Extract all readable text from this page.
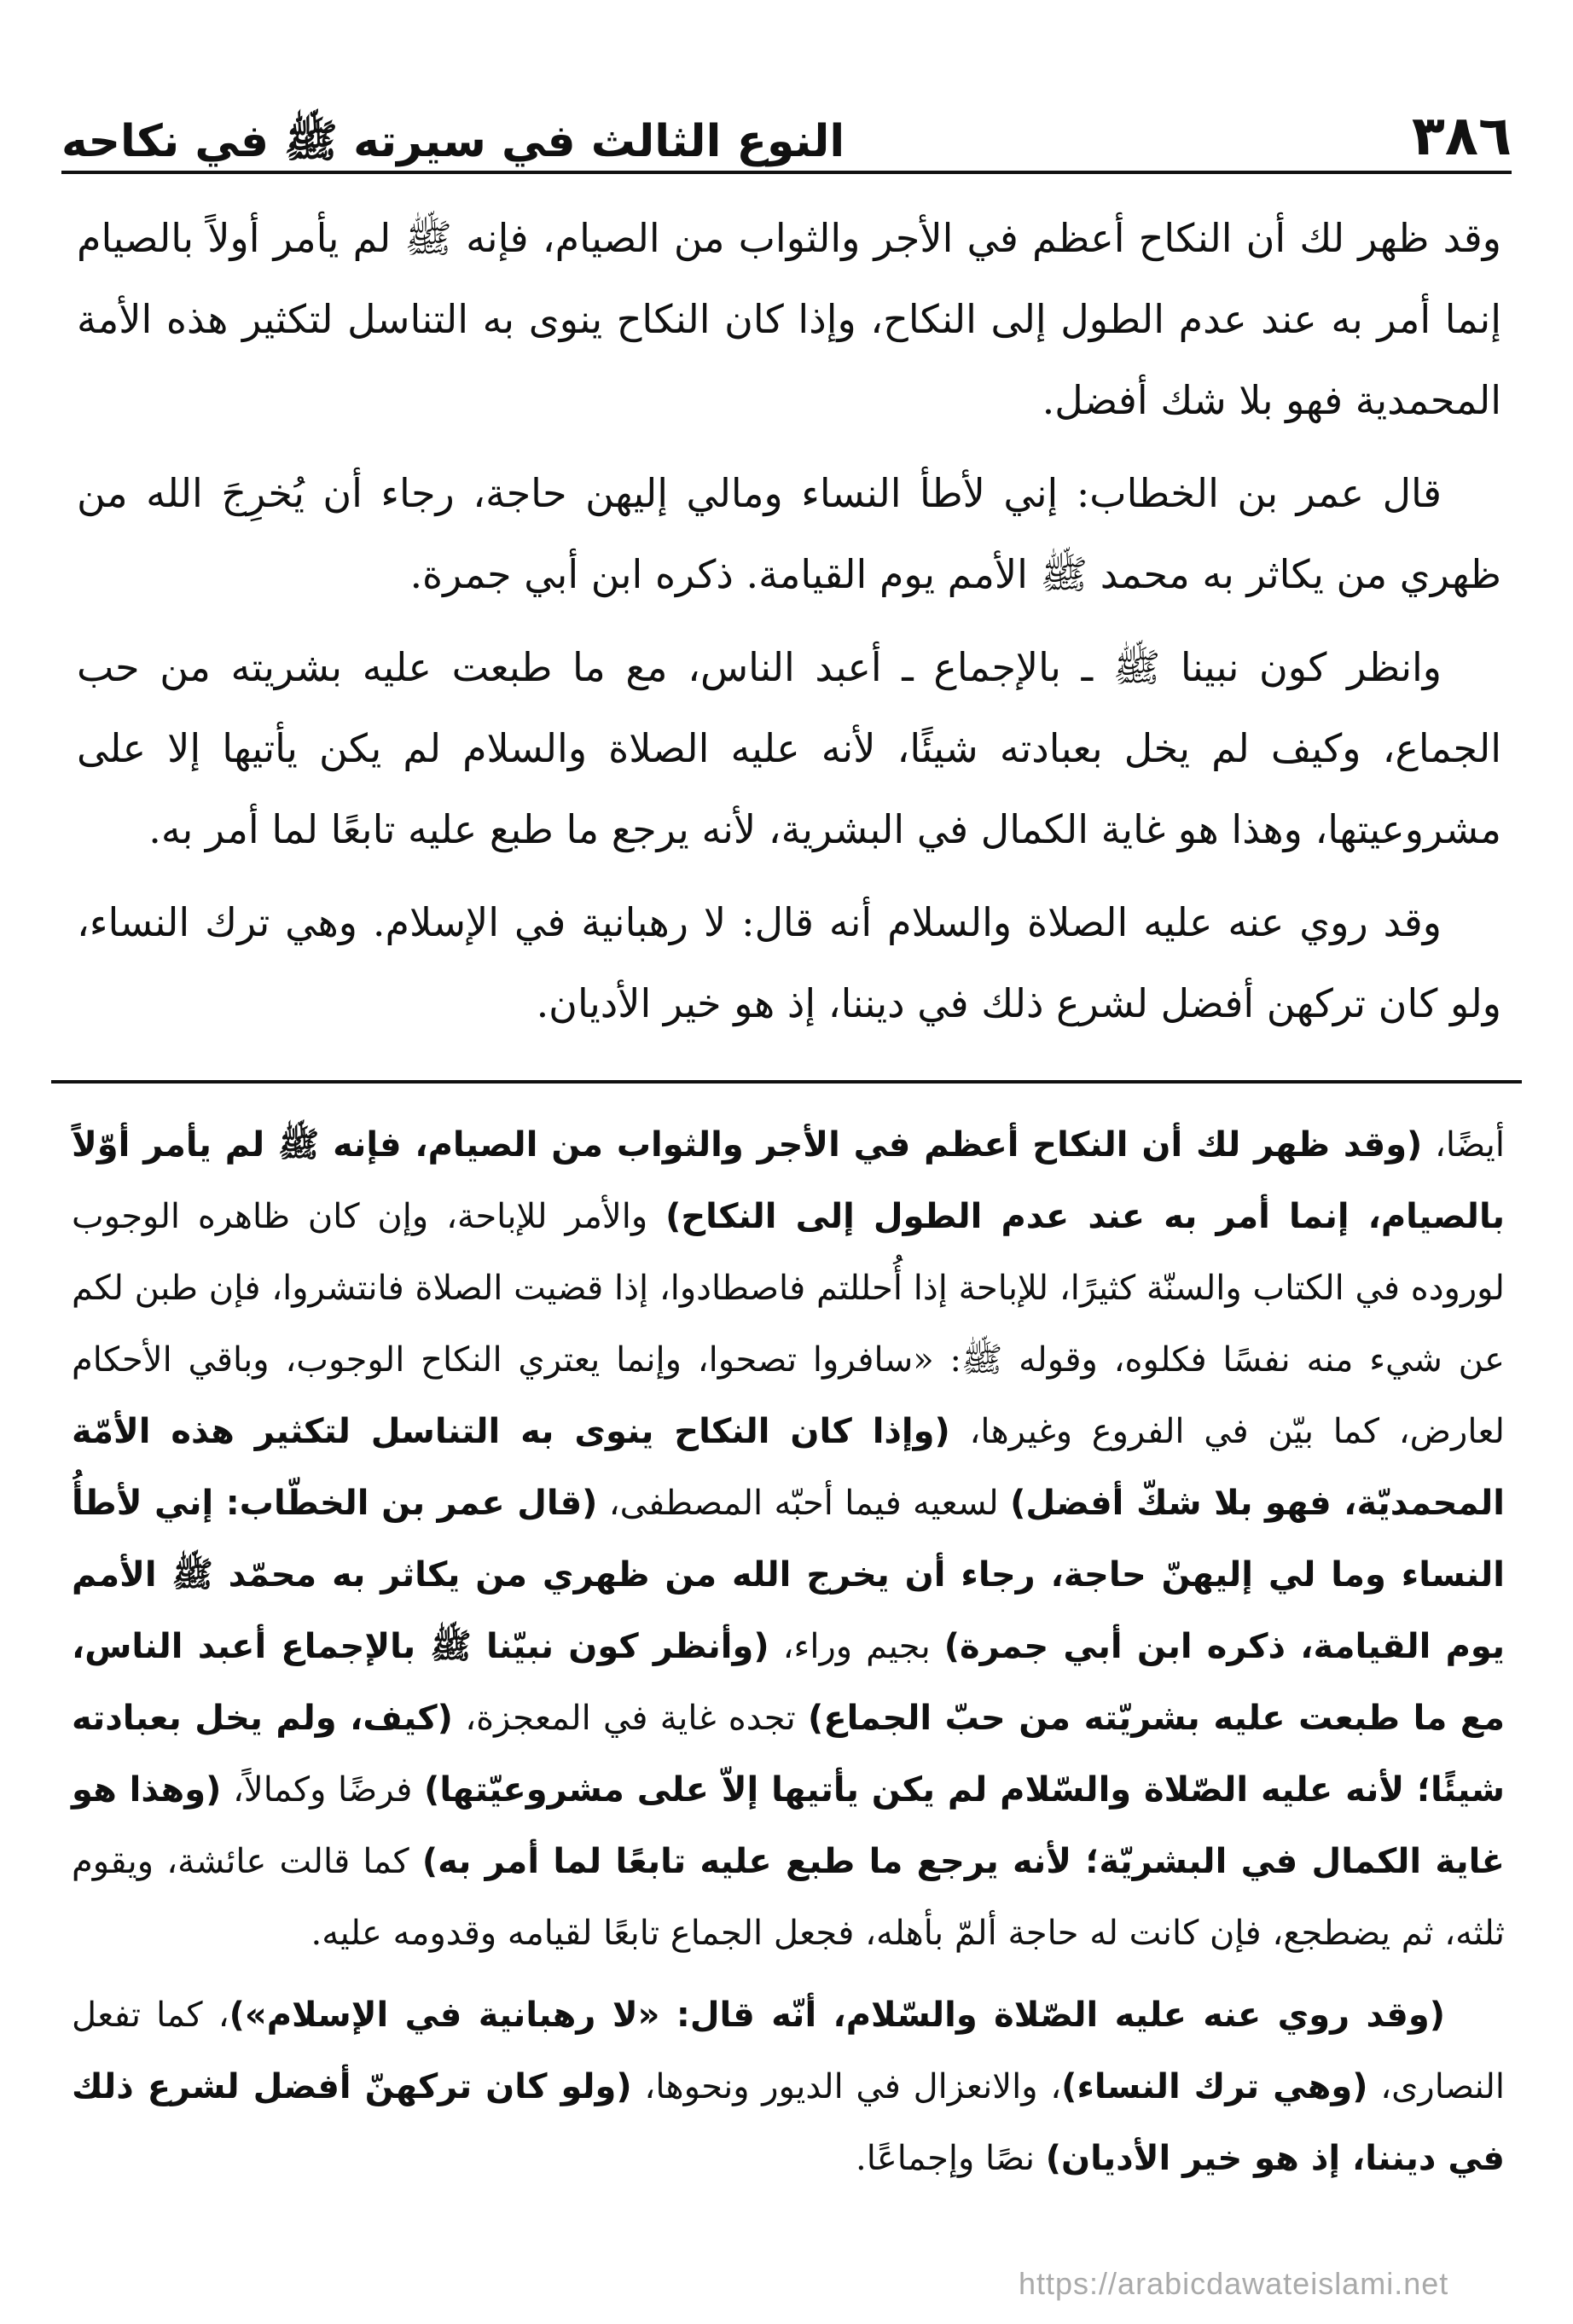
٣٨٦
النوع الثالث في سيرته ﷺ في نكاحه

وقد ظهر لك أن النكاح أعظم في الأجر والثواب من الصيام، فإنه ﷺ لم يأمر أولاً بالصيام إنما أمر به عند عدم الطول إلى النكاح، وإذا كان النكاح ينوى به التناسل لتكثير هذه الأمة المحمدية فهو بلا شك أفضل.

قال عمر بن الخطاب: إني لأطأ النساء ومالي إليهن حاجة، رجاء أن يُخرِجَ الله من ظهري من يكاثر به محمد ﷺ الأمم يوم القيامة. ذكره ابن أبي جمرة.

وانظر كون نبينا ﷺ ـ بالإجماع ـ أعبد الناس، مع ما طبعت عليه بشريته من حب الجماع، وكيف لم يخل بعبادته شيئًا، لأنه عليه الصلاة والسلام لم يكن يأتيها إلا على مشروعيتها، وهذا هو غاية الكمال في البشرية، لأنه يرجع ما طبع عليه تابعًا لما أمر به.

وقد روي عنه عليه الصلاة والسلام أنه قال: لا رهبانية في الإسلام. وهي ترك النساء، ولو كان تركهن أفضل لشرع ذلك في ديننا، إذ هو خير الأديان.

أيضًا، (وقد ظهر لك أن النكاح أعظم في الأجر والثواب من الصيام، فإنه ﷺ لم يأمر أوّلاً بالصيام، إنما أمر به عند عدم الطول إلى النكاح) والأمر للإباحة، وإن كان ظاهره الوجوب لوروده في الكتاب والسنّة كثيرًا، للإباحة إذا أُحللتم فاصطادوا، إذا قضيت الصلاة فانتشروا، فإن طبن لكم عن شيء منه نفسًا فكلوه، وقوله ﷺ: «سافروا تصحوا، وإنما يعتري النكاح الوجوب، وباقي الأحكام لعارض، كما بيّن في الفروع وغيرها، (وإذا كان النكاح ينوى به التناسل لتكثير هذه الأمّة المحمديّة، فهو بلا شكّ أفضل) لسعيه فيما أحبّه المصطفى، (قال عمر بن الخطّاب: إني لأطأُ النساء وما لي إليهنّ حاجة، رجاء أن يخرج الله من ظهري من يكاثر به محمّد ﷺ الأمم يوم القيامة، ذكره ابن أبي جمرة) بجيم وراء، (وأنظر كون نبيّنا ﷺ بالإجماع أعبد الناس، مع ما طبعت عليه بشريّته من حبّ الجماع) تجده غاية في المعجزة، (كيف، ولم يخل بعبادته شيئًا؛ لأنه عليه الصّلاة والسّلام لم يكن يأتيها إلاّ على مشروعيّتها) فرضًا وكمالاً، (وهذا هو غاية الكمال في البشريّة؛ لأنه يرجع ما طبع عليه تابعًا لما أمر به) كما قالت عائشة، ويقوم ثلثه، ثم يضطجع، فإن كانت له حاجة ألمّ بأهله، فجعل الجماع تابعًا لقيامه وقدومه عليه.

(وقد روي عنه عليه الصّلاة والسّلام، أنّه قال: «لا رهبانية في الإسلام»)، كما تفعل النصارى، (وهي ترك النساء)، والانعزال في الديور ونحوها، (ولو كان تركهنّ أفضل لشرع ذلك في ديننا، إذ هو خير الأديان) نصًا وإجماعًا.

https://arabicdawateislami.net
